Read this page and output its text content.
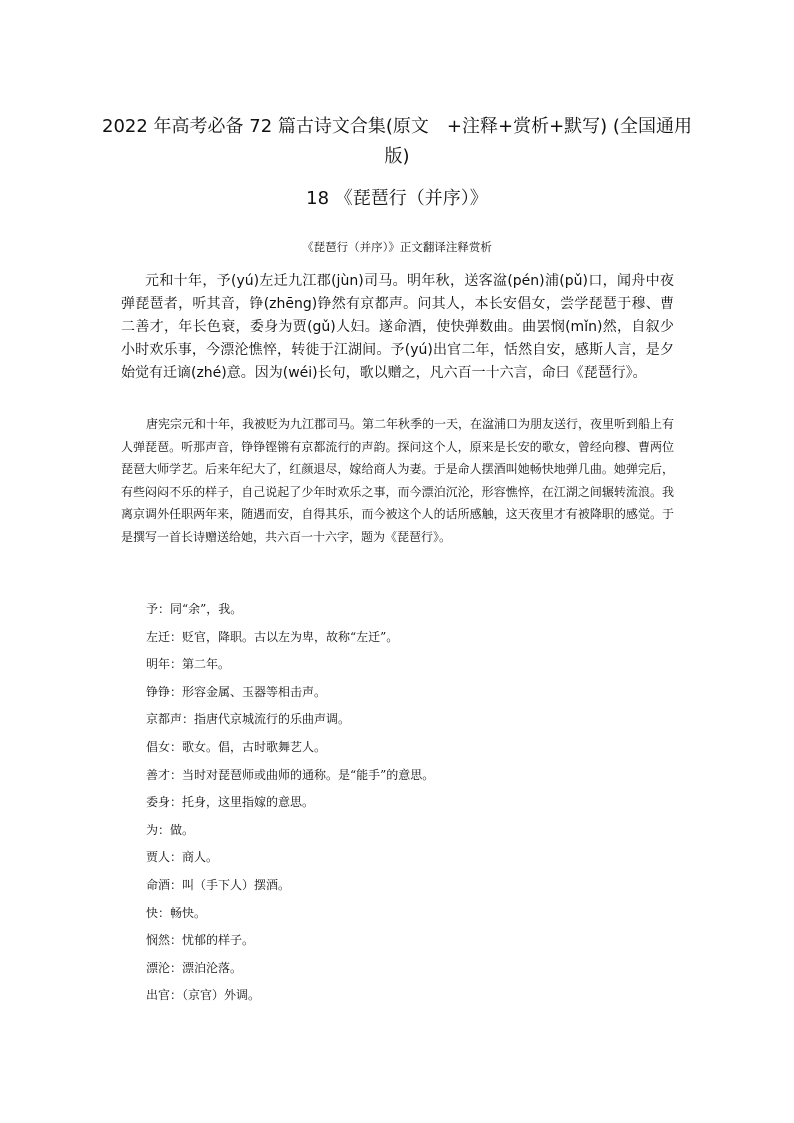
2022 年高考必备 72 篇古诗文合集(原文　+注释+赏析+默写) (全国通用版)
18 《琵琶行（并序）》
《琵琶行（并序）》正文翻译注释赏析

元和十年，予(yú)左迁九江郡(jùn)司马。明年秋，送客湓(pén)浦(pǔ)口，闻舟中夜弹琵琶者，听其音，铮(zhēng)铮然有京都声。问其人，本长安倡女，尝学琵琶于穆、曹二善才，年长色衰，委身为贾(gǔ)人妇。遂命酒，使快弹数曲。曲罢悯(mǐn)然，自叙少小时欢乐事，今漂沦憔悴，转徙于江湖间。予(yú)出官二年，恬然自安，感斯人言，是夕始觉有迁谪(zhé)意。因为(wéi)长句，歌以赠之，凡六百一十六言，命曰《琵琶行》。

唐宪宗元和十年，我被贬为九江郡司马。第二年秋季的一天，在湓浦口为朋友送行，夜里听到船上有人弹琵琶。听那声音，铮铮铿锵有京都流行的声韵。探问这个人，原来是长安的歌女，曾经向穆、曹两位琵琶大师学艺。后来年纪大了，红颜退尽，嫁给商人为妻。于是命人摆酒叫她畅快地弹几曲。她弹完后，有些闷闷不乐的样子，自己说起了少年时欢乐之事，而今漂泊沉沦，形容憔悴，在江湖之间辗转流浪。我离京调外任职两年来，随遇而安，自得其乐，而今被这个人的话所感触，这天夜里才有被降职的感觉。于是撰写一首长诗赠送给她，共六百一十六字，题为《琵琶行》。

予：同“余”，我。
左迁：贬官，降职。古以左为卑，故称“左迁”。
明年：第二年。
铮铮：形容金属、玉器等相击声。
京都声：指唐代京城流行的乐曲声调。
倡女：歌女。倡，古时歌舞艺人。
善才：当时对琵琶师或曲师的通称。是“能手”的意思。
委身：托身，这里指嫁的意思。
为：做。
贾人：商人。
命酒：叫（手下人）摆酒。
快：畅快。
悯然：忧郁的样子。
漂沦：漂泊沦落。
出官：（京官）外调。
